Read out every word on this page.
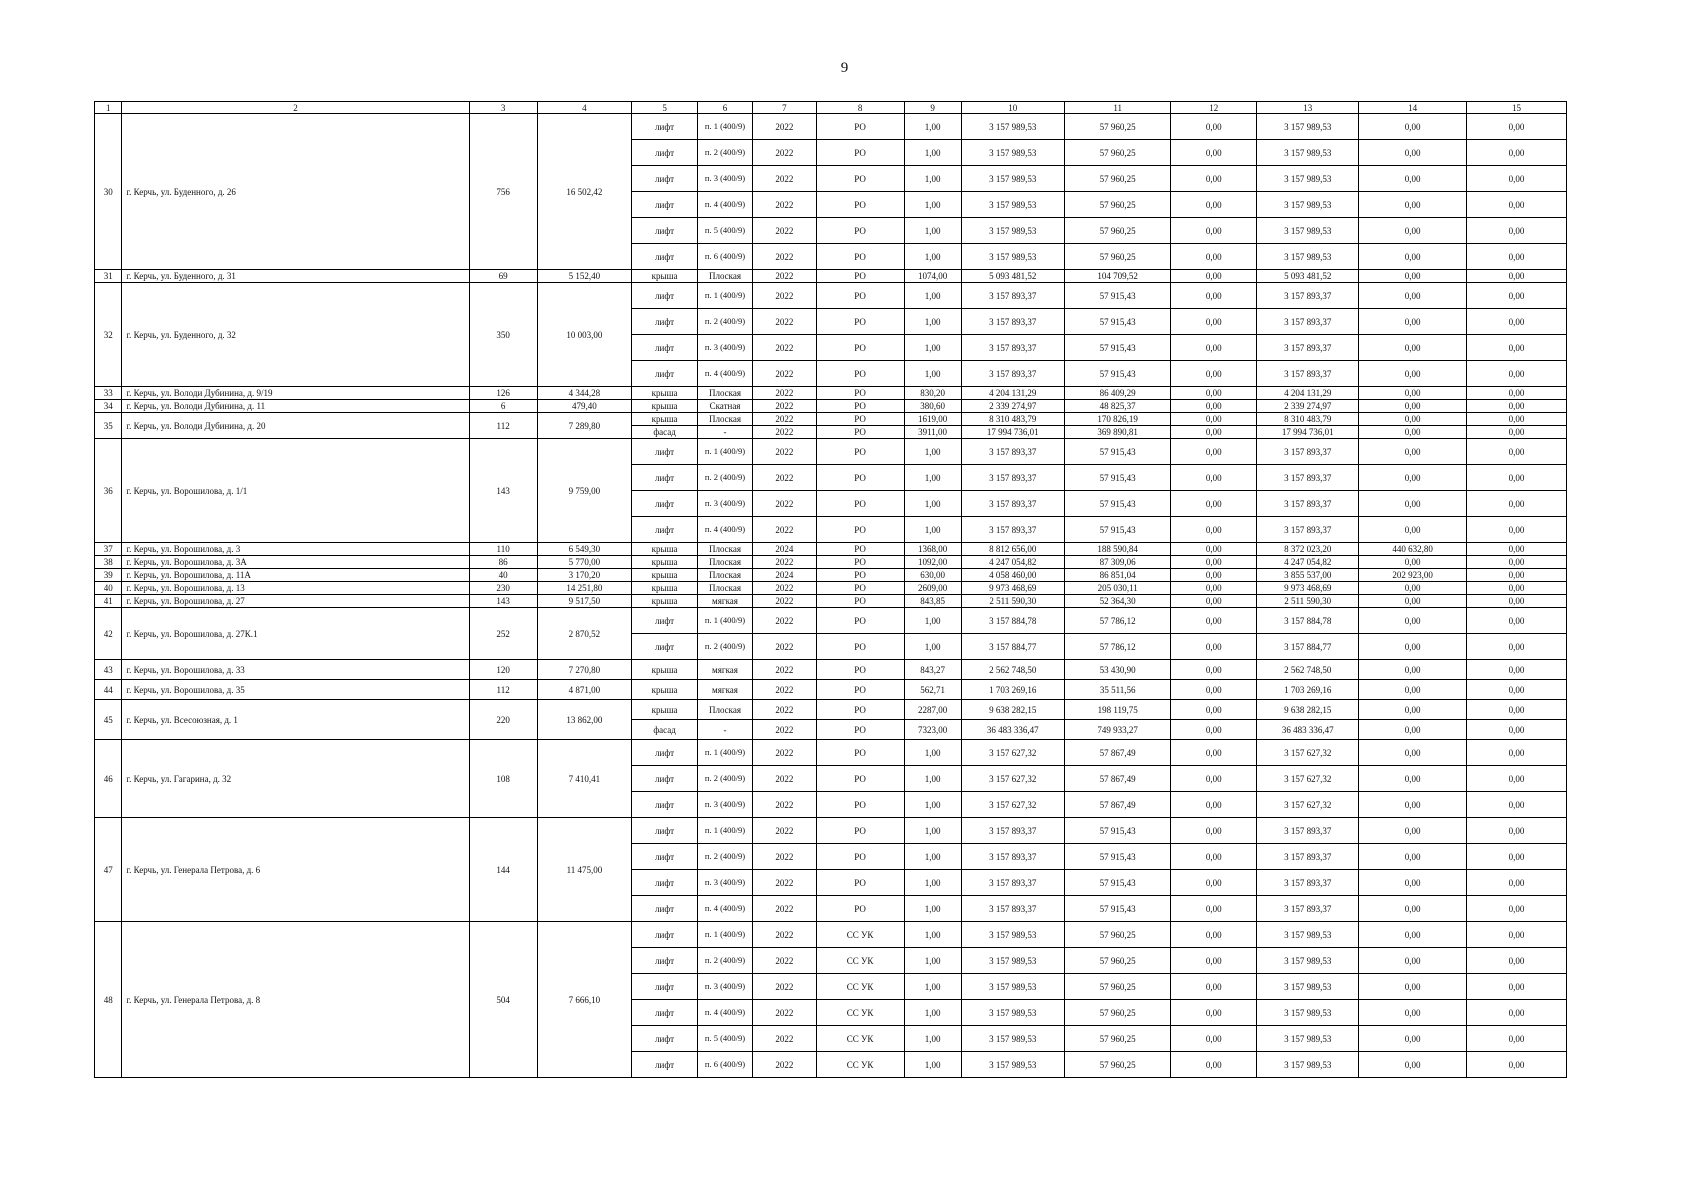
9
1	2	3	4	5	6	7	8	9	10	11	12	13	14	15
30	г. Керчь, ул. Буденного, д. 26	756	16 502,42	лифт	п. 1 (400/9)	2022	РО	1,00	3 157 989,53	57 960,25	0,00	3 157 989,53	0,00	0,00
				лифт	п. 2 (400/9)	2022	РО	1,00	3 157 989,53	57 960,25	0,00	3 157 989,53	0,00	0,00
				лифт	п. 3 (400/9)	2022	РО	1,00	3 157 989,53	57 960,25	0,00	3 157 989,53	0,00	0,00
				лифт	п. 4 (400/9)	2022	РО	1,00	3 157 989,53	57 960,25	0,00	3 157 989,53	0,00	0,00
				лифт	п. 5 (400/9)	2022	РО	1,00	3 157 989,53	57 960,25	0,00	3 157 989,53	0,00	0,00
				лифт	п. 6 (400/9)	2022	РО	1,00	3 157 989,53	57 960,25	0,00	3 157 989,53	0,00	0,00
31	г. Керчь, ул. Буденного, д. 31	69	5 152,40	крыша	Плоская	2022	РО	1074,00	5 093 481,52	104 709,52	0,00	5 093 481,52	0,00	0,00
32	г. Керчь, ул. Буденного, д. 32	350	10 003,00	лифт	п. 1 (400/9)	2022	РО	1,00	3 157 893,37	57 915,43	0,00	3 157 893,37	0,00	0,00
				лифт	п. 2 (400/9)	2022	РО	1,00	3 157 893,37	57 915,43	0,00	3 157 893,37	0,00	0,00
				лифт	п. 3 (400/9)	2022	РО	1,00	3 157 893,37	57 915,43	0,00	3 157 893,37	0,00	0,00
				лифт	п. 4 (400/9)	2022	РО	1,00	3 157 893,37	57 915,43	0,00	3 157 893,37	0,00	0,00
33	г. Керчь, ул. Володи Дубинина, д. 9/19	126	4 344,28	крыша	Плоская	2022	РО	830,20	4 204 131,29	86 409,29	0,00	4 204 131,29	0,00	0,00
34	г. Керчь, ул. Володи Дубинина, д. 11	6	479,40	крыша	Скатная	2022	РО	380,60	2 339 274,97	48 825,37	0,00	2 339 274,97	0,00	0,00
35	г. Керчь, ул. Володи Дубинина, д. 20	112	7 289,80	крыша	Плоская	2022	РО	1619,00	8 310 483,79	170 826,19	0,00	8 310 483,79	0,00	0,00
				фасад	-	2022	РО	3911,00	17 994 736,01	369 890,81	0,00	17 994 736,01	0,00	0,00
36	г. Керчь, ул. Ворошилова, д. 1/1	143	9 759,00	лифт	п. 1 (400/9)	2022	РО	1,00	3 157 893,37	57 915,43	0,00	3 157 893,37	0,00	0,00
				лифт	п. 2 (400/9)	2022	РО	1,00	3 157 893,37	57 915,43	0,00	3 157 893,37	0,00	0,00
				лифт	п. 3 (400/9)	2022	РО	1,00	3 157 893,37	57 915,43	0,00	3 157 893,37	0,00	0,00
				лифт	п. 4 (400/9)	2022	РО	1,00	3 157 893,37	57 915,43	0,00	3 157 893,37	0,00	0,00
37	г. Керчь, ул. Ворошилова, д. 3	110	6 549,30	крыша	Плоская	2024	РО	1368,00	8 812 656,00	188 590,84	0,00	8 372 023,20	440 632,80	0,00
38	г. Керчь, ул. Ворошилова, д. 3А	86	5 770,00	крыша	Плоская	2022	РО	1092,00	4 247 054,82	87 309,06	0,00	4 247 054,82	0,00	0,00
39	г. Керчь, ул. Ворошилова, д. 11А	40	3 170,20	крыша	Плоская	2024	РО	630,00	4 058 460,00	86 851,04	0,00	3 855 537,00	202 923,00	0,00
40	г. Керчь, ул. Ворошилова, д. 13	230	14 251,80	крыша	Плоская	2022	РО	2609,00	9 973 468,69	205 030,11	0,00	9 973 468,69	0,00	0,00
41	г. Керчь, ул. Ворошилова, д. 27	143	9 517,50	крыша	мягкая	2022	РО	843,85	2 511 590,30	52 364,30	0,00	2 511 590,30	0,00	0,00
42	г. Керчь, ул. Ворошилова, д. 27К.1	252	2 870,52	лифт	п. 1 (400/9)	2022	РО	1,00	3 157 884,78	57 786,12	0,00	3 157 884,78	0,00	0,00
				лифт	п. 2 (400/9)	2022	РО	1,00	3 157 884,77	57 786,12	0,00	3 157 884,77	0,00	0,00
43	г. Керчь, ул. Ворошилова, д. 33	120	7 270,80	крыша	мягкая	2022	РО	843,27	2 562 748,50	53 430,90	0,00	2 562 748,50	0,00	0,00
44	г. Керчь, ул. Ворошилова, д. 35	112	4 871,00	крыша	мягкая	2022	РО	562,71	1 703 269,16	35 511,56	0,00	1 703 269,16	0,00	0,00
45	г. Керчь, ул. Всесоюзная, д. 1	220	13 862,00	крыша	Плоская	2022	РО	2287,00	9 638 282,15	198 119,75	0,00	9 638 282,15	0,00	0,00
				фасад	-	2022	РО	7323,00	36 483 336,47	749 933,27	0,00	36 483 336,47	0,00	0,00
46	г. Керчь, ул. Гагарина, д. 32	108	7 410,41	лифт	п. 1 (400/9)	2022	РО	1,00	3 157 627,32	57 867,49	0,00	3 157 627,32	0,00	0,00
				лифт	п. 2 (400/9)	2022	РО	1,00	3 157 627,32	57 867,49	0,00	3 157 627,32	0,00	0,00
				лифт	п. 3 (400/9)	2022	РО	1,00	3 157 627,32	57 867,49	0,00	3 157 627,32	0,00	0,00
47	г. Керчь, ул. Генерала Петрова, д. 6	144	11 475,00	лифт	п. 1 (400/9)	2022	РО	1,00	3 157 893,37	57 915,43	0,00	3 157 893,37	0,00	0,00
				лифт	п. 2 (400/9)	2022	РО	1,00	3 157 893,37	57 915,43	0,00	3 157 893,37	0,00	0,00
				лифт	п. 3 (400/9)	2022	РО	1,00	3 157 893,37	57 915,43	0,00	3 157 893,37	0,00	0,00
				лифт	п. 4 (400/9)	2022	РО	1,00	3 157 893,37	57 915,43	0,00	3 157 893,37	0,00	0,00
48	г. Керчь, ул. Генерала Петрова, д. 8	504	7 666,10	лифт	п. 1 (400/9)	2022	СС УК	1,00	3 157 989,53	57 960,25	0,00	3 157 989,53	0,00	0,00
				лифт	п. 2 (400/9)	2022	СС УК	1,00	3 157 989,53	57 960,25	0,00	3 157 989,53	0,00	0,00
				лифт	п. 3 (400/9)	2022	СС УК	1,00	3 157 989,53	57 960,25	0,00	3 157 989,53	0,00	0,00
				лифт	п. 4 (400/9)	2022	СС УК	1,00	3 157 989,53	57 960,25	0,00	3 157 989,53	0,00	0,00
				лифт	п. 5 (400/9)	2022	СС УК	1,00	3 157 989,53	57 960,25	0,00	3 157 989,53	0,00	0,00
				лифт	п. 6 (400/9)	2022	СС УК	1,00	3 157 989,53	57 960,25	0,00	3 157 989,53	0,00	0,00
